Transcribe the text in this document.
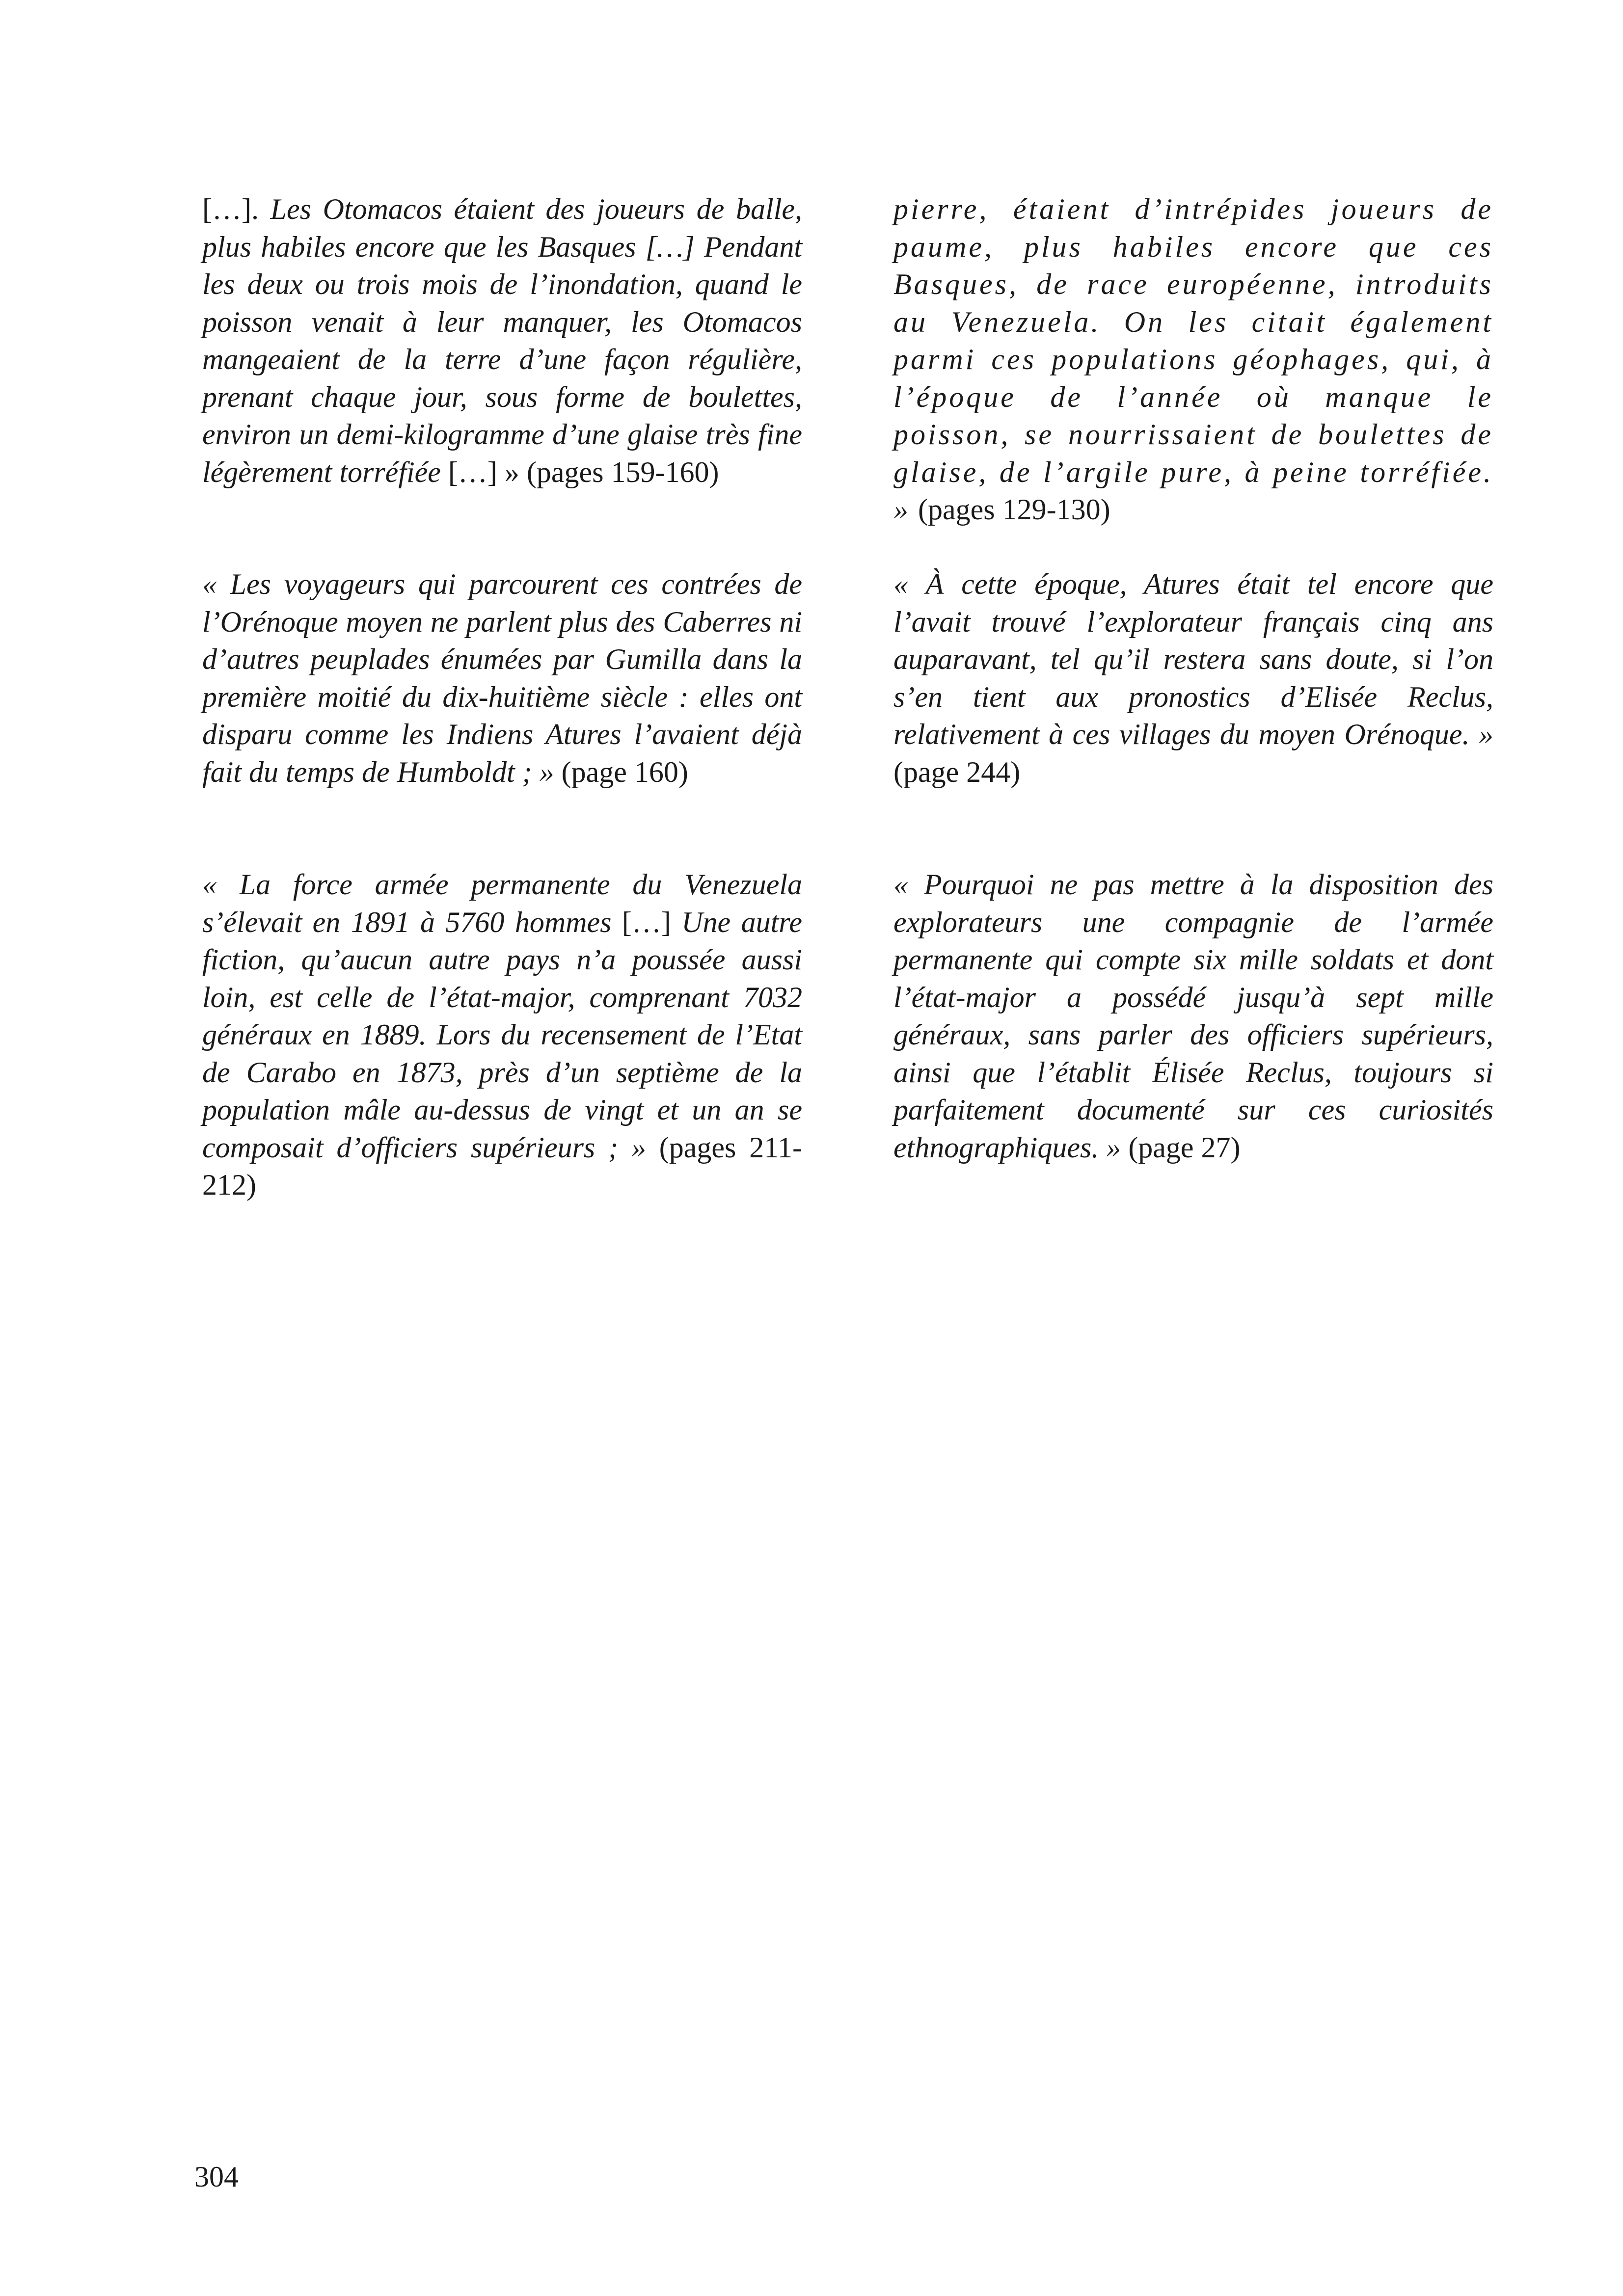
[…]. Les Otomacos étaient des joueurs de balle, plus habiles encore que les Basques […] Pendant les deux ou trois mois de l’inondation, quand le poisson venait à leur manquer, les Otomacos mangeaient de la terre d’une façon régulière, prenant chaque jour, sous forme de boulettes, environ un demi-kilogramme d’une glaise très fine légèrement torréfiée […] » (pages 159-160)

« Les voyageurs qui parcourent ces contrées de l’Orénoque moyen ne parlent plus des Caberres ni d’autres peuplades énumées par Gumilla dans la première moitié du dix-huitième siècle : elles ont disparu comme les Indiens Atures l’avaient déjà fait du temps de Humboldt ; » (page 160)

« La force armée permanente du Venezuela s’élevait en 1891 à 5760 hommes […] Une autre fiction, qu’aucun autre pays n’a poussée aussi loin, est celle de l’état-major, comprenant 7032 généraux en 1889. Lors du recensement de l’Etat de Carabo en 1873, près d’un septième de la population mâle au-dessus de vingt et un an se composait d’officiers supérieurs ; » (pages 211-212)

pierre, étaient d’intrépides joueurs de paume, plus habiles encore que ces Basques, de race européenne, introduits au Venezuela. On les citait également parmi ces populations géophages, qui, à l’époque de l’année où manque le poisson, se nourrissaient de boulettes de glaise, de l’argile pure, à peine torréfiée. » (pages 129-130)

« À cette époque, Atures était tel encore que l’avait trouvé l’explorateur français cinq ans auparavant, tel qu’il restera sans doute, si l’on s’en tient aux pronostics d’Elisée Reclus, relativement à ces villages du moyen Orénoque. » (page 244)

« Pourquoi ne pas mettre à la disposition des explorateurs une compagnie de l’armée permanente qui compte six mille soldats et dont l’état-major a possédé jusqu’à sept mille généraux, sans parler des officiers supérieurs, ainsi que l’établit Élisée Reclus, toujours si parfaitement documenté sur ces curiosités ethnographiques. » (page 27)

304
